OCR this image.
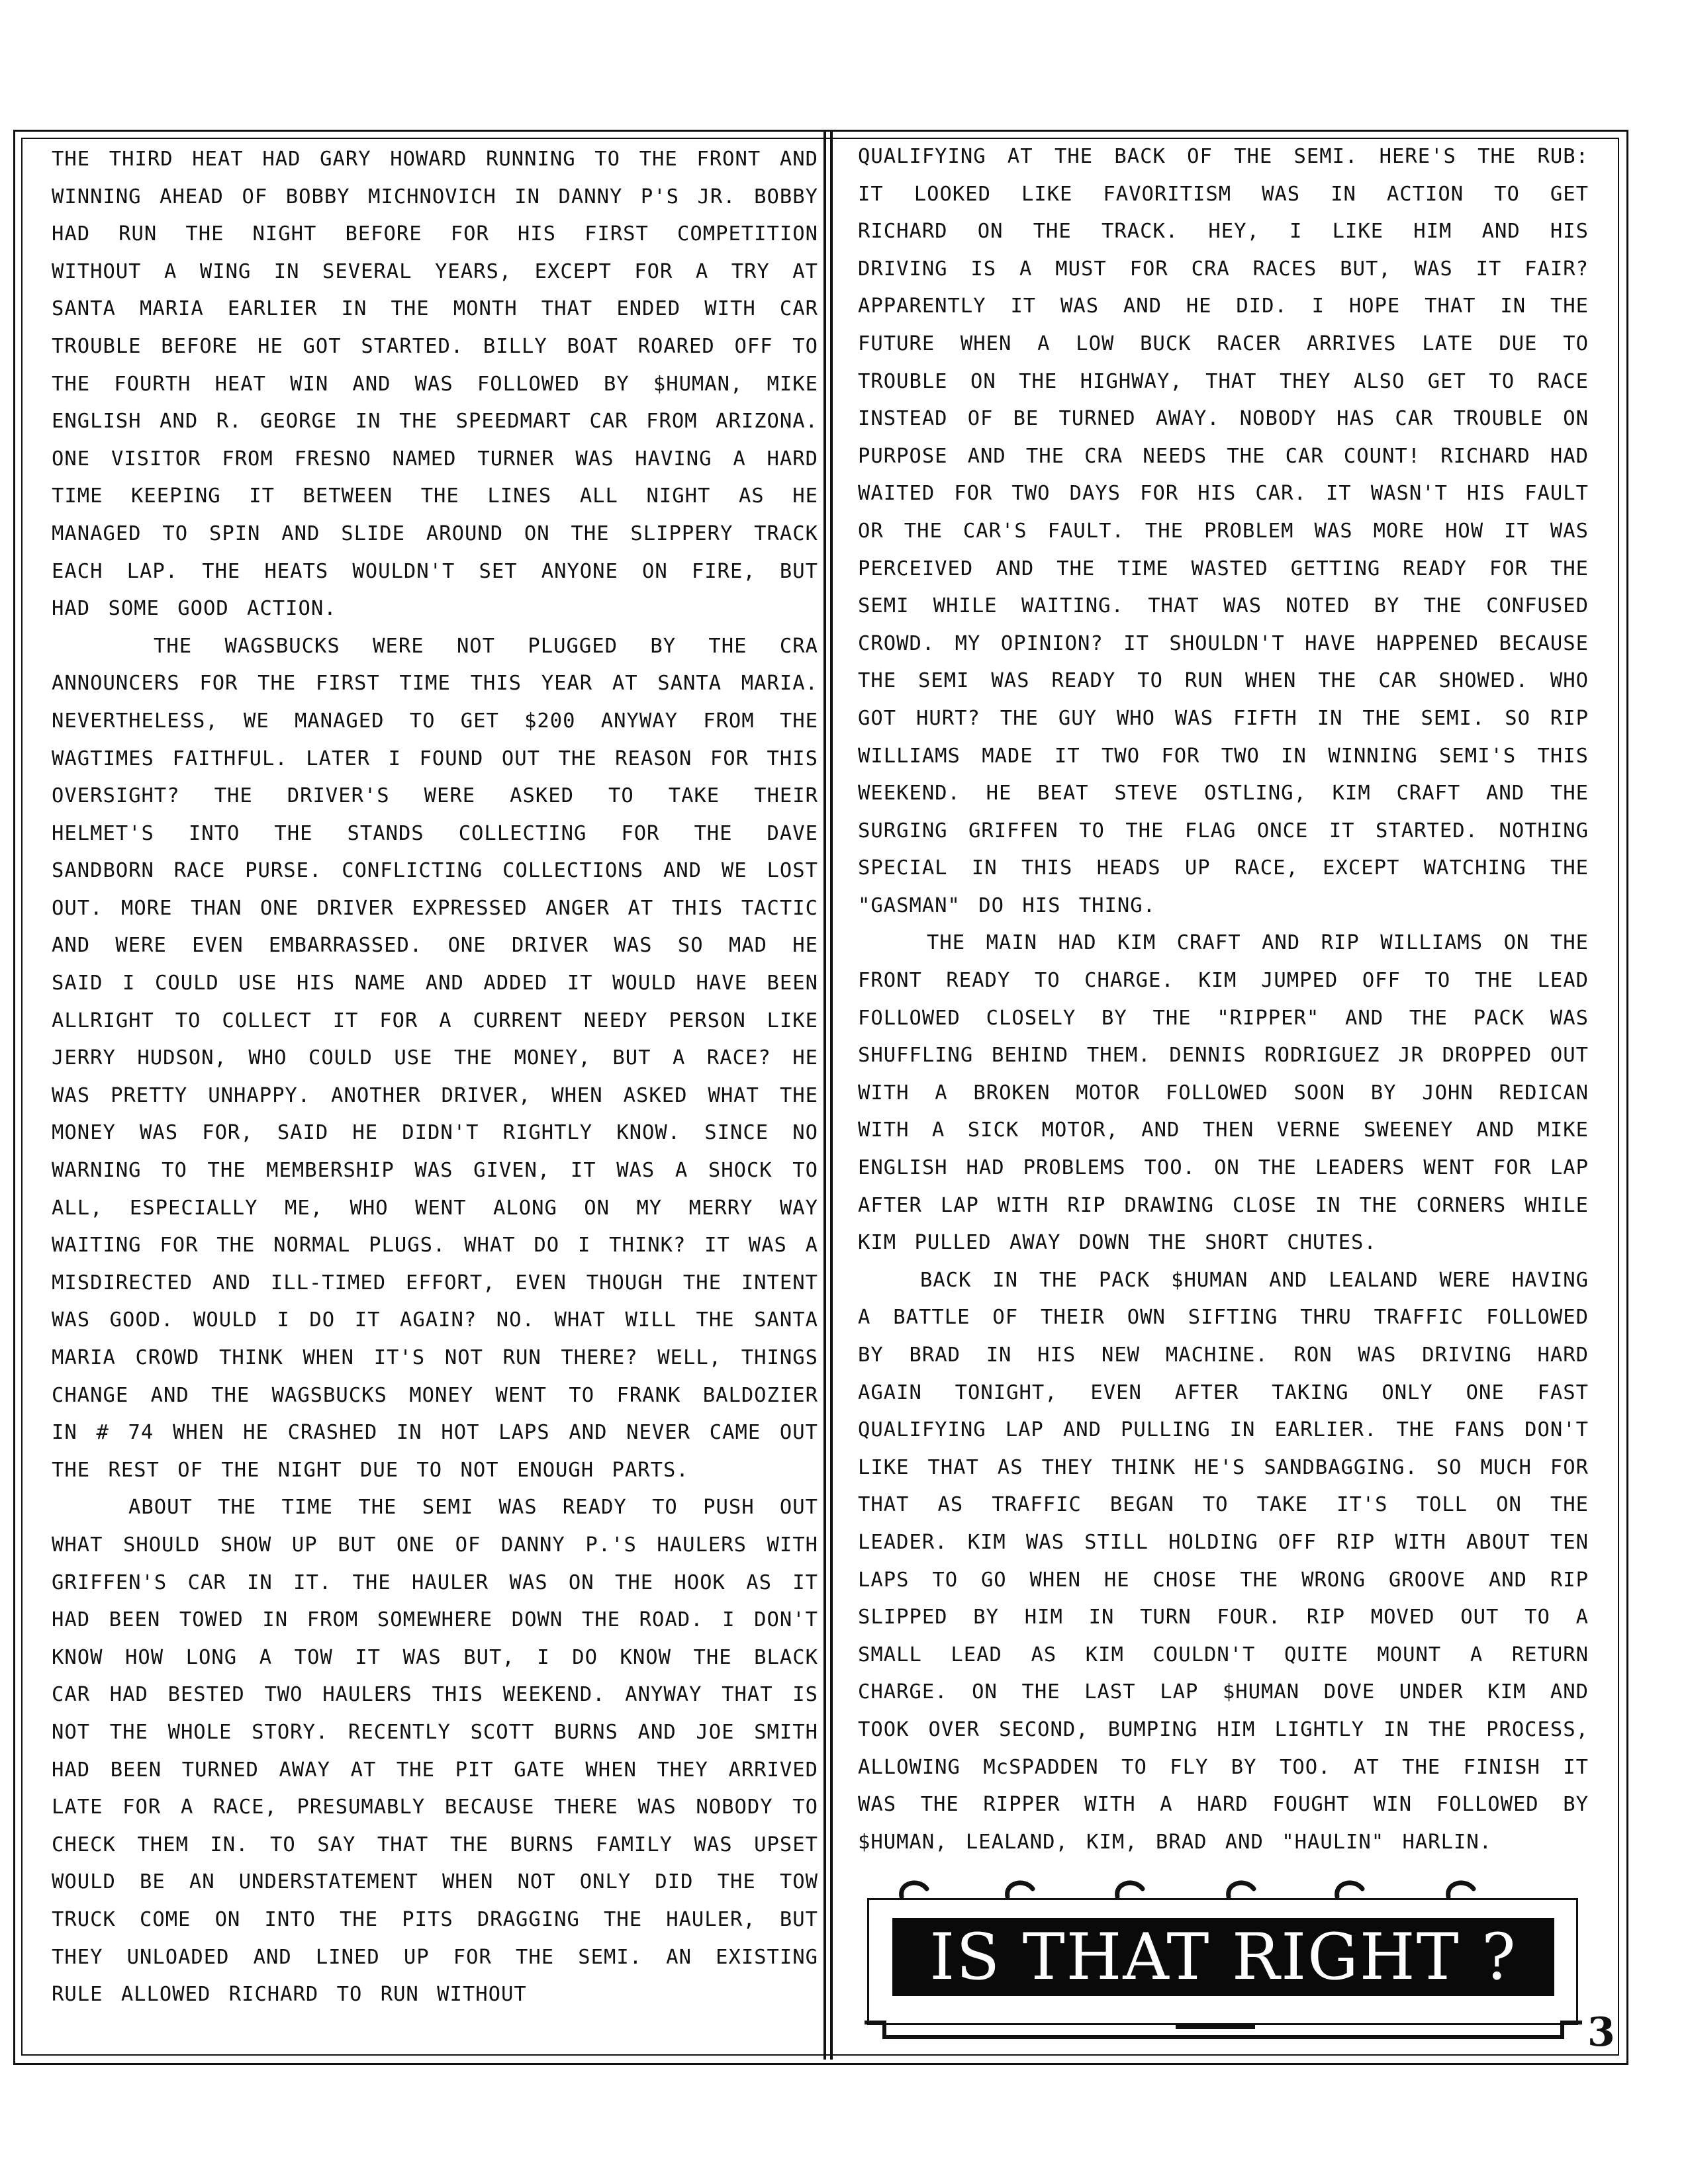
THE THIRD HEAT HAD GARY HOWARD RUNNING TO THE FRONT AND WINNING AHEAD OF BOBBY MICHNOVICH IN DANNY P'S JR. BOBBY HAD RUN THE NIGHT BEFORE FOR HIS FIRST COMPETITION WITHOUT A WING IN SEVERAL YEARS, EXCEPT FOR A TRY AT SANTA MARIA EARLIER IN THE MONTH THAT ENDED WITH CAR TROUBLE BEFORE HE GOT STARTED. BILLY BOAT ROARED OFF TO THE FOURTH HEAT WIN AND WAS FOLLOWED BY $HUMAN, MIKE ENGLISH AND R. GEORGE IN THE SPEEDMART CAR FROM ARIZONA. ONE VISITOR FROM FRESNO NAMED TURNER WAS HAVING A HARD TIME KEEPING IT BETWEEN THE LINES ALL NIGHT AS HE MANAGED TO SPIN AND SLIDE AROUND ON THE SLIPPERY TRACK EACH LAP. THE HEATS WOULDN'T SET ANYONE ON FIRE, BUT HAD SOME GOOD ACTION.

THE WAGSBUCKS WERE NOT PLUGGED BY THE CRA ANNOUNCERS FOR THE FIRST TIME THIS YEAR AT SANTA MARIA. NEVERTHELESS, WE MANAGED TO GET $200 ANYWAY FROM THE WAGTIMES FAITHFUL. LATER I FOUND OUT THE REASON FOR THIS OVERSIGHT? THE DRIVER'S WERE ASKED TO TAKE THEIR HELMET'S INTO THE STANDS COLLECTING FOR THE DAVE SANDBORN RACE PURSE. CONFLICTING COLLECTIONS AND WE LOST OUT. MORE THAN ONE DRIVER EXPRESSED ANGER AT THIS TACTIC AND WERE EVEN EMBARRASSED. ONE DRIVER WAS SO MAD HE SAID I COULD USE HIS NAME AND ADDED IT WOULD HAVE BEEN ALLRIGHT TO COLLECT IT FOR A CURRENT NEEDY PERSON LIKE JERRY HUDSON, WHO COULD USE THE MONEY, BUT A RACE? HE WAS PRETTY UNHAPPY. ANOTHER DRIVER, WHEN ASKED WHAT THE MONEY WAS FOR, SAID HE DIDN'T RIGHTLY KNOW. SINCE NO WARNING TO THE MEMBERSHIP WAS GIVEN, IT WAS A SHOCK TO ALL, ESPECIALLY ME, WHO WENT ALONG ON MY MERRY WAY WAITING FOR THE NORMAL PLUGS. WHAT DO I THINK? IT WAS A MISDIRECTED AND ILL-TIMED EFFORT, EVEN THOUGH THE INTENT WAS GOOD. WOULD I DO IT AGAIN? NO. WHAT WILL THE SANTA MARIA CROWD THINK WHEN IT'S NOT RUN THERE? WELL, THINGS CHANGE AND THE WAGSBUCKS MONEY WENT TO FRANK BALDOZIER IN # 74 WHEN HE CRASHED IN HOT LAPS AND NEVER CAME OUT THE REST OF THE NIGHT DUE TO NOT ENOUGH PARTS.

ABOUT THE TIME THE SEMI WAS READY TO PUSH OUT WHAT SHOULD SHOW UP BUT ONE OF DANNY P.'S HAULERS WITH GRIFFEN'S CAR IN IT. THE HAULER WAS ON THE HOOK AS IT HAD BEEN TOWED IN FROM SOMEWHERE DOWN THE ROAD. I DON'T KNOW HOW LONG A TOW IT WAS BUT, I DO KNOW THE BLACK CAR HAD BESTED TWO HAULERS THIS WEEKEND. ANYWAY THAT IS NOT THE WHOLE STORY. RECENTLY SCOTT BURNS AND JOE SMITH HAD BEEN TURNED AWAY AT THE PIT GATE WHEN THEY ARRIVED LATE FOR A RACE, PRESUMABLY BECAUSE THERE WAS NOBODY TO CHECK THEM IN. TO SAY THAT THE BURNS FAMILY WAS UPSET WOULD BE AN UNDERSTATEMENT WHEN NOT ONLY DID THE TOW TRUCK COME ON INTO THE PITS DRAGGING THE HAULER, BUT THEY UNLOADED AND LINED UP FOR THE SEMI. AN EXISTING RULE ALLOWED RICHARD TO RUN WITHOUT

QUALIFYING AT THE BACK OF THE SEMI. HERE'S THE RUB: IT LOOKED LIKE FAVORITISM WAS IN ACTION TO GET RICHARD ON THE TRACK. HEY, I LIKE HIM AND HIS DRIVING IS A MUST FOR CRA RACES BUT, WAS IT FAIR? APPARENTLY IT WAS AND HE DID. I HOPE THAT IN THE FUTURE WHEN A LOW BUCK RACER ARRIVES LATE DUE TO TROUBLE ON THE HIGHWAY, THAT THEY ALSO GET TO RACE INSTEAD OF BE TURNED AWAY. NOBODY HAS CAR TROUBLE ON PURPOSE AND THE CRA NEEDS THE CAR COUNT! RICHARD HAD WAITED FOR TWO DAYS FOR HIS CAR. IT WASN'T HIS FAULT OR THE CAR'S FAULT. THE PROBLEM WAS MORE HOW IT WAS PERCEIVED AND THE TIME WASTED GETTING READY FOR THE SEMI WHILE WAITING. THAT WAS NOTED BY THE CONFUSED CROWD. MY OPINION? IT SHOULDN'T HAVE HAPPENED BECAUSE THE SEMI WAS READY TO RUN WHEN THE CAR SHOWED. WHO GOT HURT? THE GUY WHO WAS FIFTH IN THE SEMI. SO RIP WILLIAMS MADE IT TWO FOR TWO IN WINNING SEMI'S THIS WEEKEND. HE BEAT STEVE OSTLING, KIM CRAFT AND THE SURGING GRIFFEN TO THE FLAG ONCE IT STARTED. NOTHING SPECIAL IN THIS HEADS UP RACE, EXCEPT WATCHING THE "GASMAN" DO HIS THING.

THE MAIN HAD KIM CRAFT AND RIP WILLIAMS ON THE FRONT READY TO CHARGE. KIM JUMPED OFF TO THE LEAD FOLLOWED CLOSELY BY THE "RIPPER" AND THE PACK WAS SHUFFLING BEHIND THEM. DENNIS RODRIGUEZ JR DROPPED OUT WITH A BROKEN MOTOR FOLLOWED SOON BY JOHN REDICAN WITH A SICK MOTOR, AND THEN VERNE SWEENEY AND MIKE ENGLISH HAD PROBLEMS TOO. ON THE LEADERS WENT FOR LAP AFTER LAP WITH RIP DRAWING CLOSE IN THE CORNERS WHILE KIM PULLED AWAY DOWN THE SHORT CHUTES.

BACK IN THE PACK $HUMAN AND LEALAND WERE HAVING A BATTLE OF THEIR OWN SIFTING THRU TRAFFIC FOLLOWED BY BRAD IN HIS NEW MACHINE. RON WAS DRIVING HARD AGAIN TONIGHT, EVEN AFTER TAKING ONLY ONE FAST QUALIFYING LAP AND PULLING IN EARLIER. THE FANS DON'T LIKE THAT AS THEY THINK HE'S SANDBAGGING. SO MUCH FOR THAT AS TRAFFIC BEGAN TO TAKE IT'S TOLL ON THE LEADER. KIM WAS STILL HOLDING OFF RIP WITH ABOUT TEN LAPS TO GO WHEN HE CHOSE THE WRONG GROOVE AND RIP SLIPPED BY HIM IN TURN FOUR. RIP MOVED OUT TO A SMALL LEAD AS KIM COULDN'T QUITE MOUNT A RETURN CHARGE. ON THE LAST LAP $HUMAN DOVE UNDER KIM AND TOOK OVER SECOND, BUMPING HIM LIGHTLY IN THE PROCESS, ALLOWING McSPADDEN TO FLY BY TOO. AT THE FINISH IT WAS THE RIPPER WITH A HARD FOUGHT WIN FOLLOWED BY $HUMAN, LEALAND, KIM, BRAD AND "HAULIN" HARLIN.

IS THAT RIGHT ?
3
